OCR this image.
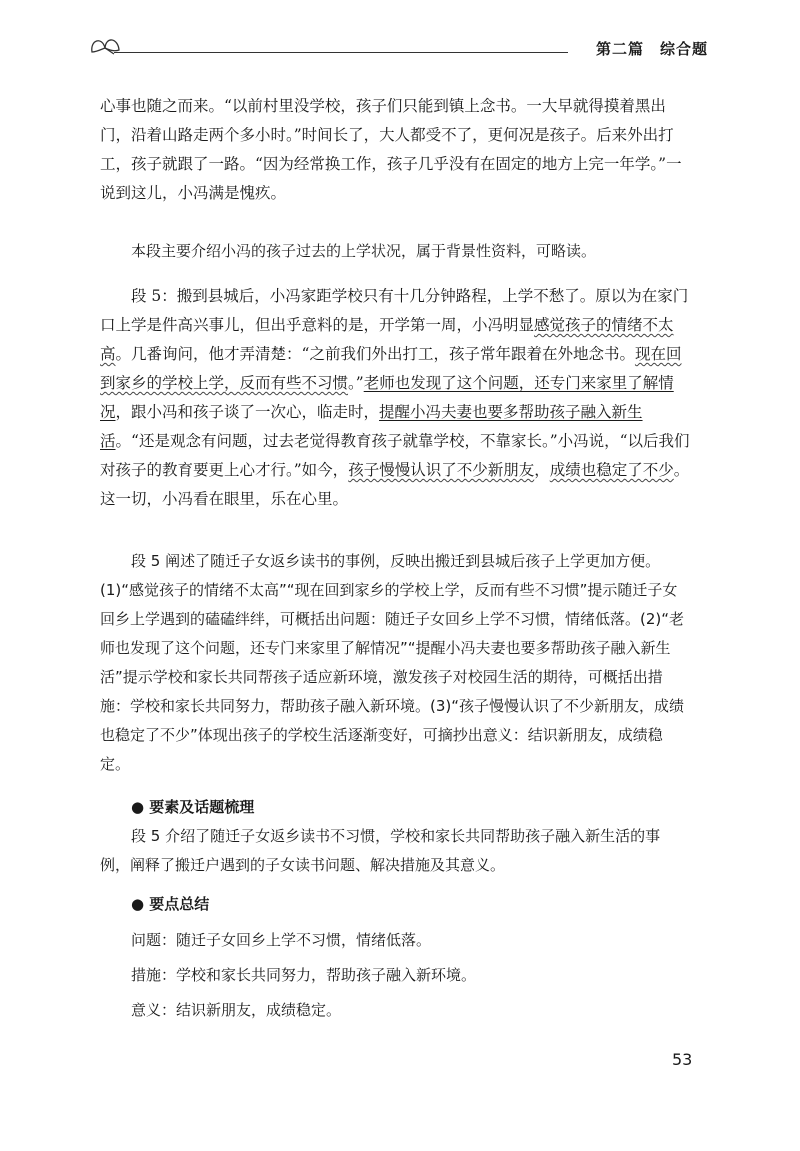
第二篇 综合题

心事也随之而来。“以前村里没学校，孩子们只能到镇上念书。一大早就得摸着黑出门，沿着山路走两个多小时。”时间长了，大人都受不了，更何况是孩子。后来外出打工，孩子就跟了一路。“因为经常换工作，孩子几乎没有在固定的地方上完一年学。”一说到这儿，小冯满是愧疚。

本段主要介绍小冯的孩子过去的上学状况，属于背景性资料，可略读。

段 5：搬到县城后，小冯家距学校只有十几分钟路程，上学不愁了。原以为在家门口上学是件高兴事儿，但出乎意料的是，开学第一周，小冯明显感觉孩子的情绪不太高。几番询问，他才弄清楚：“之前我们外出打工，孩子常年跟着在外地念书。现在回到家乡的学校上学，反而有些不习惯。”老师也发现了这个问题，还专门来家里了解情况，跟小冯和孩子谈了一次心，临走时，提醒小冯夫妻也要多帮助孩子融入新生活。“还是观念有问题，过去老觉得教育孩子就靠学校，不靠家长。”小冯说，“以后我们对孩子的教育要更上心才行。”如今，孩子慢慢认识了不少新朋友，成绩也稳定了不少。这一切，小冯看在眼里，乐在心里。

段 5 阐述了随迁子女返乡读书的事例，反映出搬迁到县城后孩子上学更加方便。(1)“感觉孩子的情绪不太高”“现在回到家乡的学校上学，反而有些不习惯”提示随迁子女回乡上学遇到的磕磕绊绊，可概括出问题：随迁子女回乡上学不习惯，情绪低落。(2)“老师也发现了这个问题，还专门来家里了解情况”“提醒小冯夫妻也要多帮助孩子融入新生活”提示学校和家长共同帮孩子适应新环境，激发孩子对校园生活的期待，可概括出措施：学校和家长共同努力，帮助孩子融入新环境。(3)“孩子慢慢认识了不少新朋友，成绩也稳定了不少”体现出孩子的学校生活逐渐变好，可摘抄出意义：结识新朋友，成绩稳定。

● 要素及话题梳理

段 5 介绍了随迁子女返乡读书不习惯，学校和家长共同帮助孩子融入新生活的事例，阐释了搬迁户遇到的子女读书问题、解决措施及其意义。

● 要点总结

问题：随迁子女回乡上学不习惯，情绪低落。

措施：学校和家长共同努力，帮助孩子融入新环境。

意义：结识新朋友，成绩稳定。

53
